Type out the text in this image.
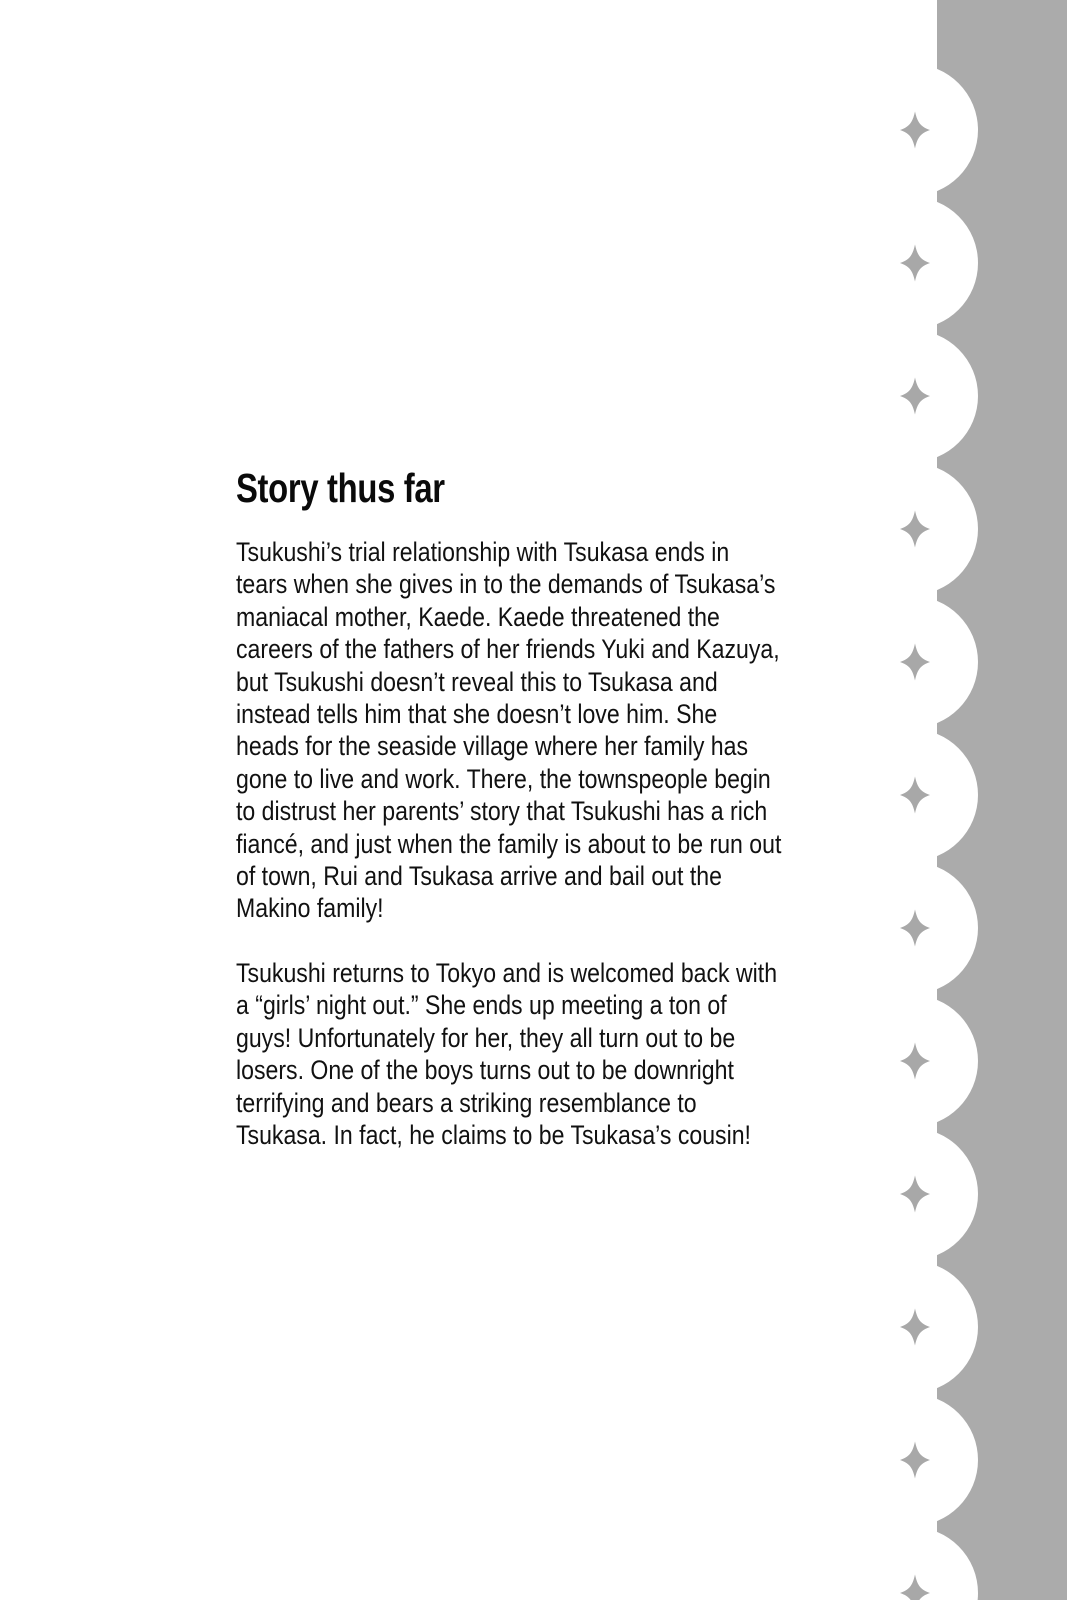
Story thus far

Tsukushi’s trial relationship with Tsukasa ends in tears when she gives in to the demands of Tsukasa’s maniacal mother, Kaede. Kaede threatened the careers of the fathers of her friends Yuki and Kazuya, but Tsukushi doesn’t reveal this to Tsukasa and instead tells him that she doesn’t love him. She heads for the seaside village where her family has gone to live and work. There, the townspeople begin to distrust her parents’ story that Tsukushi has a rich fiancé, and just when the family is about to be run out of town, Rui and Tsukasa arrive and bail out the Makino family!

Tsukushi returns to Tokyo and is welcomed back with a “girls’ night out.” She ends up meeting a ton of guys! Unfortunately for her, they all turn out to be losers. One of the boys turns out to be downright terrifying and bears a striking resemblance to Tsukasa. In fact, he claims to be Tsukasa’s cousin!
